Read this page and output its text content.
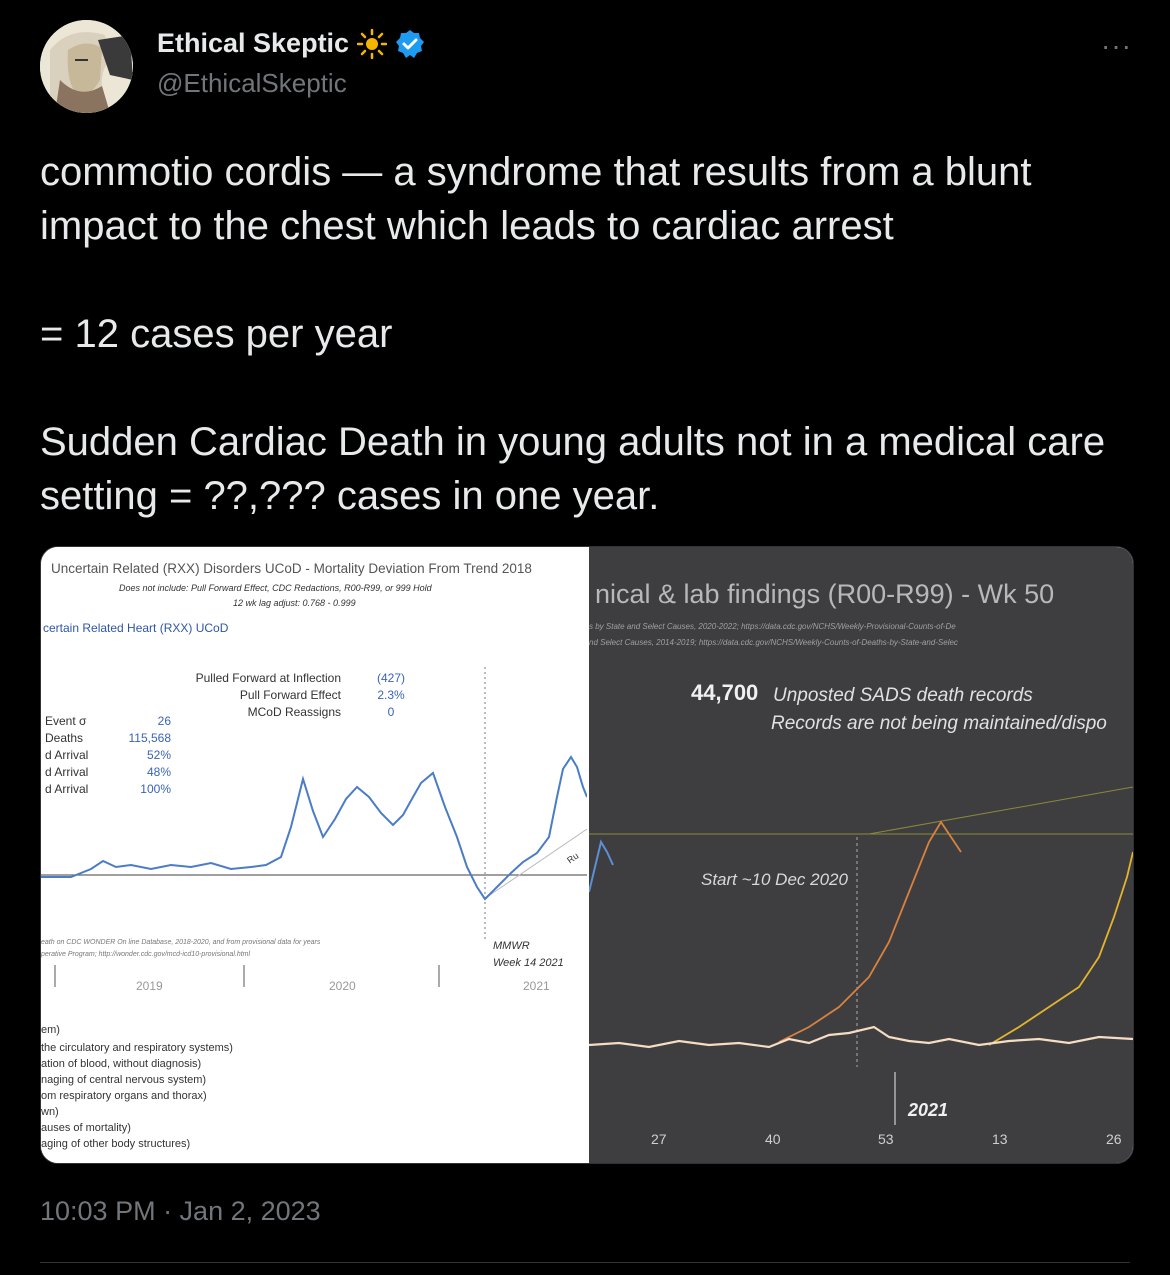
Ethical Skeptic
@EthicalSkeptic
···

commotio cordis — a syndrome that results from a blunt impact to the chest which leads to cardiac arrest

= 12 cases per year

Sudden Cardiac Death in young adults not in a medical care setting = ??,??? cases in one year.

Uncertain Related (RXX) Disorders UCoD - Mortality Deviation From Trend 2018
Does not include: Pull Forward Effect, CDC Redactions, R00-R99, or 999 Hold
12 wk lag adjust: 0.768 - 0.999
certain Related Heart (RXX) UCoD
Pulled Forward at Inflection	(427)
Pull Forward Effect	2.3%
MCoD Reassigns	0
Event σ	26
Deaths	115,568
d Arrival	52%
d Arrival	48%
d Arrival	100%
Ru
eath on CDC WONDER On line Database, 2018-2020, and from provisional data for years
perative Program; http://wonder.cdc.gov/mcd-icd10-provisional.html
MMWR
Week 14 2021
2019	2020	2021
em)
the circulatory and respiratory systems)
ation of blood, without diagnosis)
naging of central nervous system)
om respiratory organs and thorax)
wn)
auses of mortality)
aging of other body structures)
nical & lab findings (R00-R99) - Wk 50
s by State and Select Causes, 2020-2022; https://data.cdc.gov/NCHS/Weekly-Provisional-Counts-of-De
nd Select Causes, 2014-2019; https://data.cdc.gov/NCHS/Weekly-Counts-of-Deaths-by-State-and-Selec
44,700 Unposted SADS death records
Records are not being maintained/dispo
Start ~10 Dec 2020
2021
27	40	53	13	26
10:03 PM · Jan 2, 2023
